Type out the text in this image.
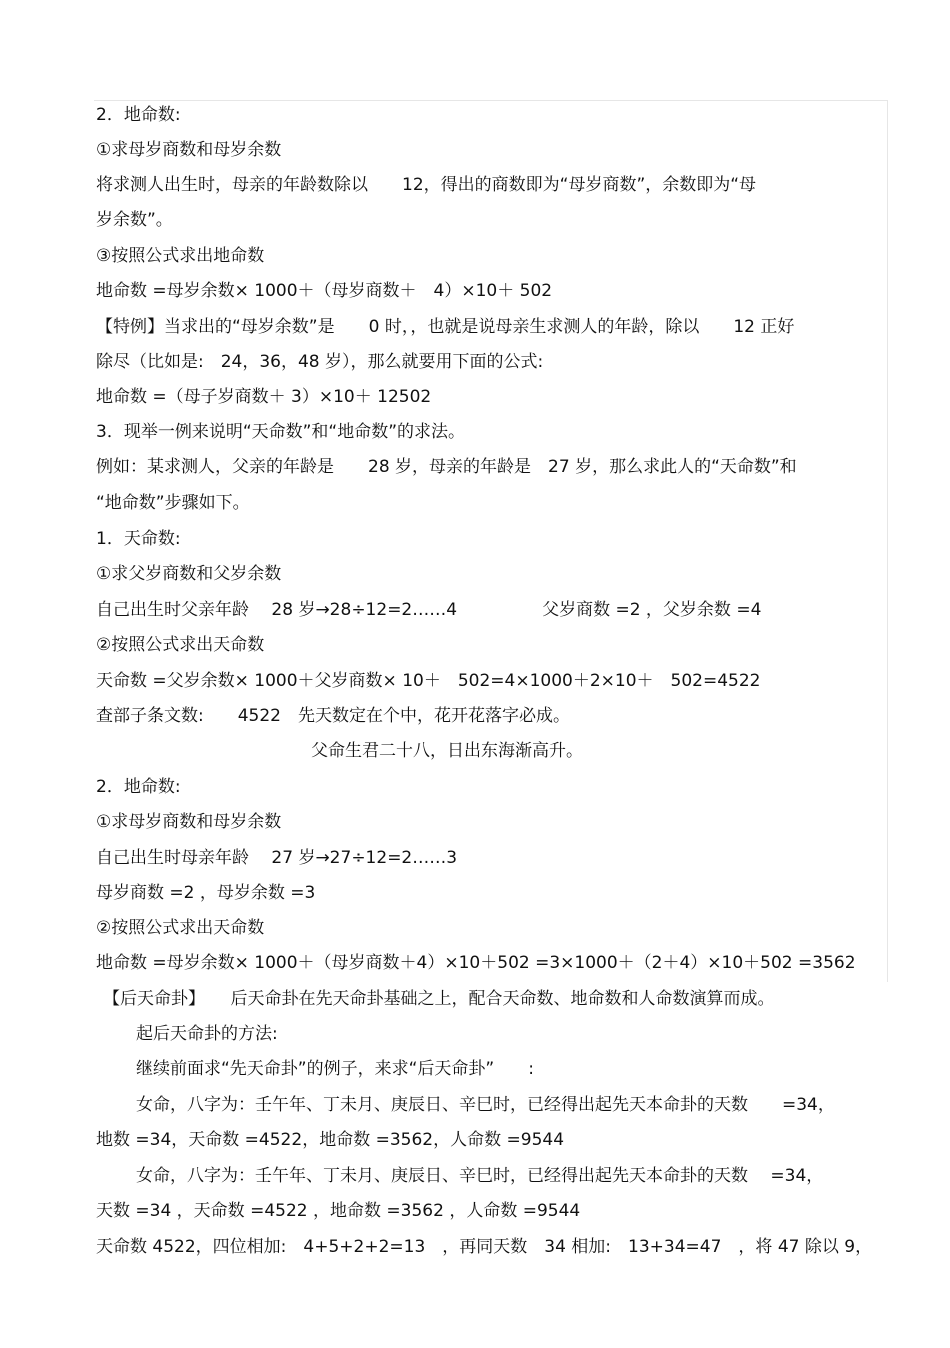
2．地命数:

①求母岁商数和母岁余数

将求测人出生时，母亲的年龄数除以　　12，得出的商数即为“母岁商数”，余数即为“母

岁余数”。

③按照公式求出地命数

地命数 =母岁余数× 1000＋（母岁商数＋　4）×10＋ 502

【特例】当求出的“母岁余数”是　　0 时，，也就是说母亲生求测人的年龄，除以　　12 正好

除尽（比如是:　24，36，48 岁），那么就要用下面的公式:

地命数 =（母子岁商数＋ 3）×10＋ 12502

3．现举一例来说明“天命数”和“地命数”的求法。

例如：某求测人，父亲的年龄是　　28 岁，母亲的年龄是　27 岁，那么求此人的“天命数”和

“地命数”步骤如下。

1．天命数:

①求父岁商数和父岁余数

自己出生时父亲年龄　 28 岁→28÷12=2……4　　　　　父岁商数 =2 ，父岁余数 =4

②按照公式求出天命数

天命数 =父岁余数× 1000＋父岁商数× 10＋　502=4×1000＋2×10＋　502=4522

查部子条文数:　　4522　先天数定在个中，花开花落字必成。

父命生君二十八，日出东海渐高升。

2．地命数:

①求母岁商数和母岁余数

自己出生时母亲年龄　 27 岁→27÷12=2……3

母岁商数 =2 ，母岁余数 =3

②按照公式求出天命数

地命数 =母岁余数× 1000＋（母岁商数＋4）×10＋502 =3×1000＋（2＋4）×10＋502 =3562

【后天命卦】　　后天命卦在先天命卦基础之上，配合天命数、地命数和人命数演算而成。

起后天命卦的方法:

继续前面求“先天命卦”的例子，来求“后天命卦”　　:

女命，八字为：壬午年、丁未月、庚辰日、辛巳时，已经得出起先天本命卦的天数　　=34，

地数 =34，天命数 =4522，地命数 =3562，人命数 =9544

女命，八字为：壬午年、丁未月、庚辰日、辛巳时，已经得出起先天本命卦的天数　 =34，

天数 =34 ，天命数 =4522 ，地命数 =3562 ，人命数 =9544

天命数 4522，四位相加:　4+5+2+2=13　，再同天数　34 相加:　13+34=47　，将 47 除以 9，
